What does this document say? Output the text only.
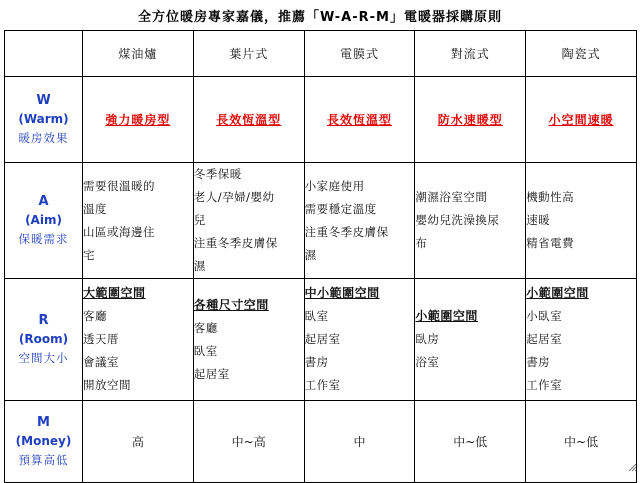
全方位暖房專家嘉儀，推薦「W-A-R-M」電暖器採購原則
	煤油爐	葉片式	電膜式	對流式	陶瓷式

W
(Warm)
暖房效果	強力暖房型	長效恆溫型	長效恆溫型	防水速暖型	小空間速暖

A
(Aim)
保暖需求	需要很溫暖的
溫度
山區或海邊住
宅	冬季保暖
老人/孕婦/嬰幼
兒
注重冬季皮膚保
濕	小家庭使用
需要穩定溫度
注重冬季皮膚保
濕	潮濕浴室空間
嬰幼兒洗澡換尿
布	機動性高
速暖
精省電費

R
(Room)
空間大小	大範圍空間
客廳
透天厝
會議室
開放空間	各種尺寸空間
客廳
臥室
起居室	中小範圍空間
臥室
起居室
書房
工作室	小範圍空間
臥房
浴室	小範圍空間
小臥室
起居室
書房
工作室

M
(Money)
預算高低	高	中~高	中	中~低	中~低
